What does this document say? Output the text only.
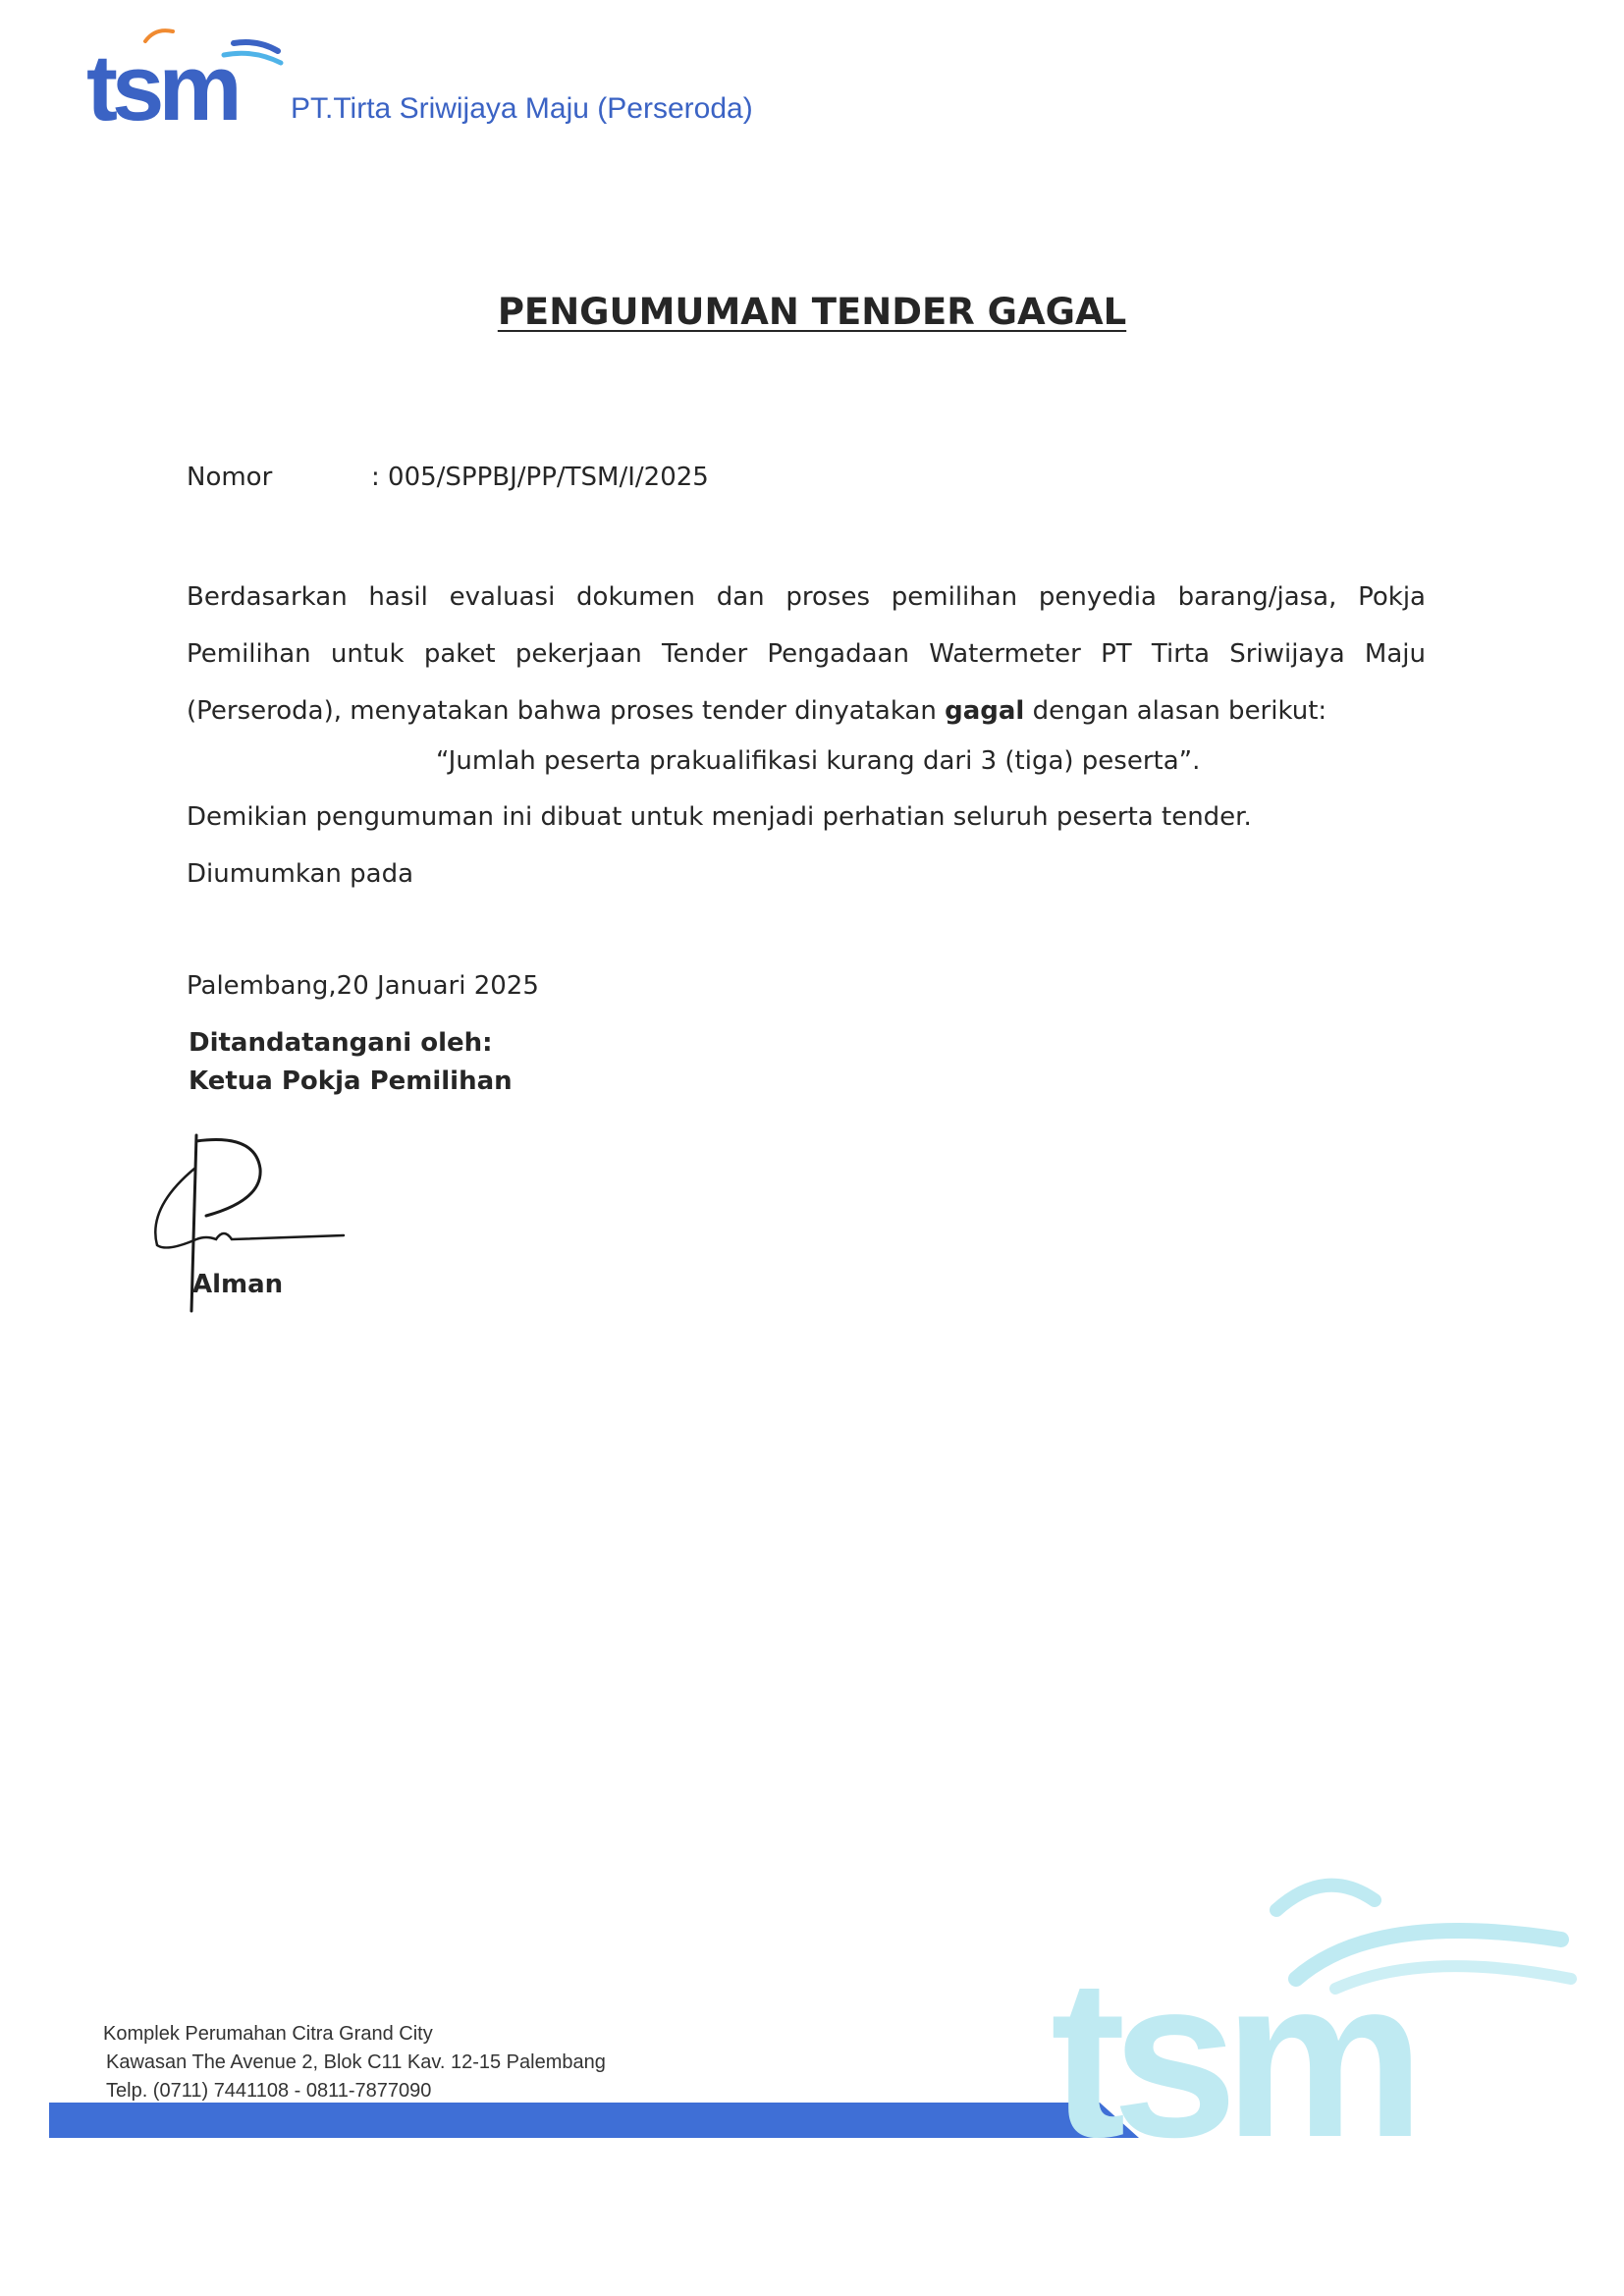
tsm PT.Tirta Sriwijaya Maju (Perseroda)
PENGUMUMAN TENDER GAGAL
Nomor	: 005/SPPBJ/PP/TSM/I/2025
Berdasarkan hasil evaluasi dokumen dan proses pemilihan penyedia barang/jasa, Pokja Pemilihan untuk paket pekerjaan Tender Pengadaan Watermeter PT Tirta Sriwijaya Maju (Perseroda), menyatakan bahwa proses tender dinyatakan gagal dengan alasan berikut:
“Jumlah peserta prakualifikasi kurang dari 3 (tiga) peserta”.
Demikian pengumuman ini dibuat untuk menjadi perhatian seluruh peserta tender.
Diumumkan pada
Palembang,20 Januari 2025
Ditandatangani oleh:
Ketua Pokja Pemilihan
Alman
Komplek Perumahan Citra Grand City
Kawasan The Avenue 2, Blok C11 Kav. 12-15 Palembang
Telp. (0711) 7441108 - 0811-7877090	tsm
